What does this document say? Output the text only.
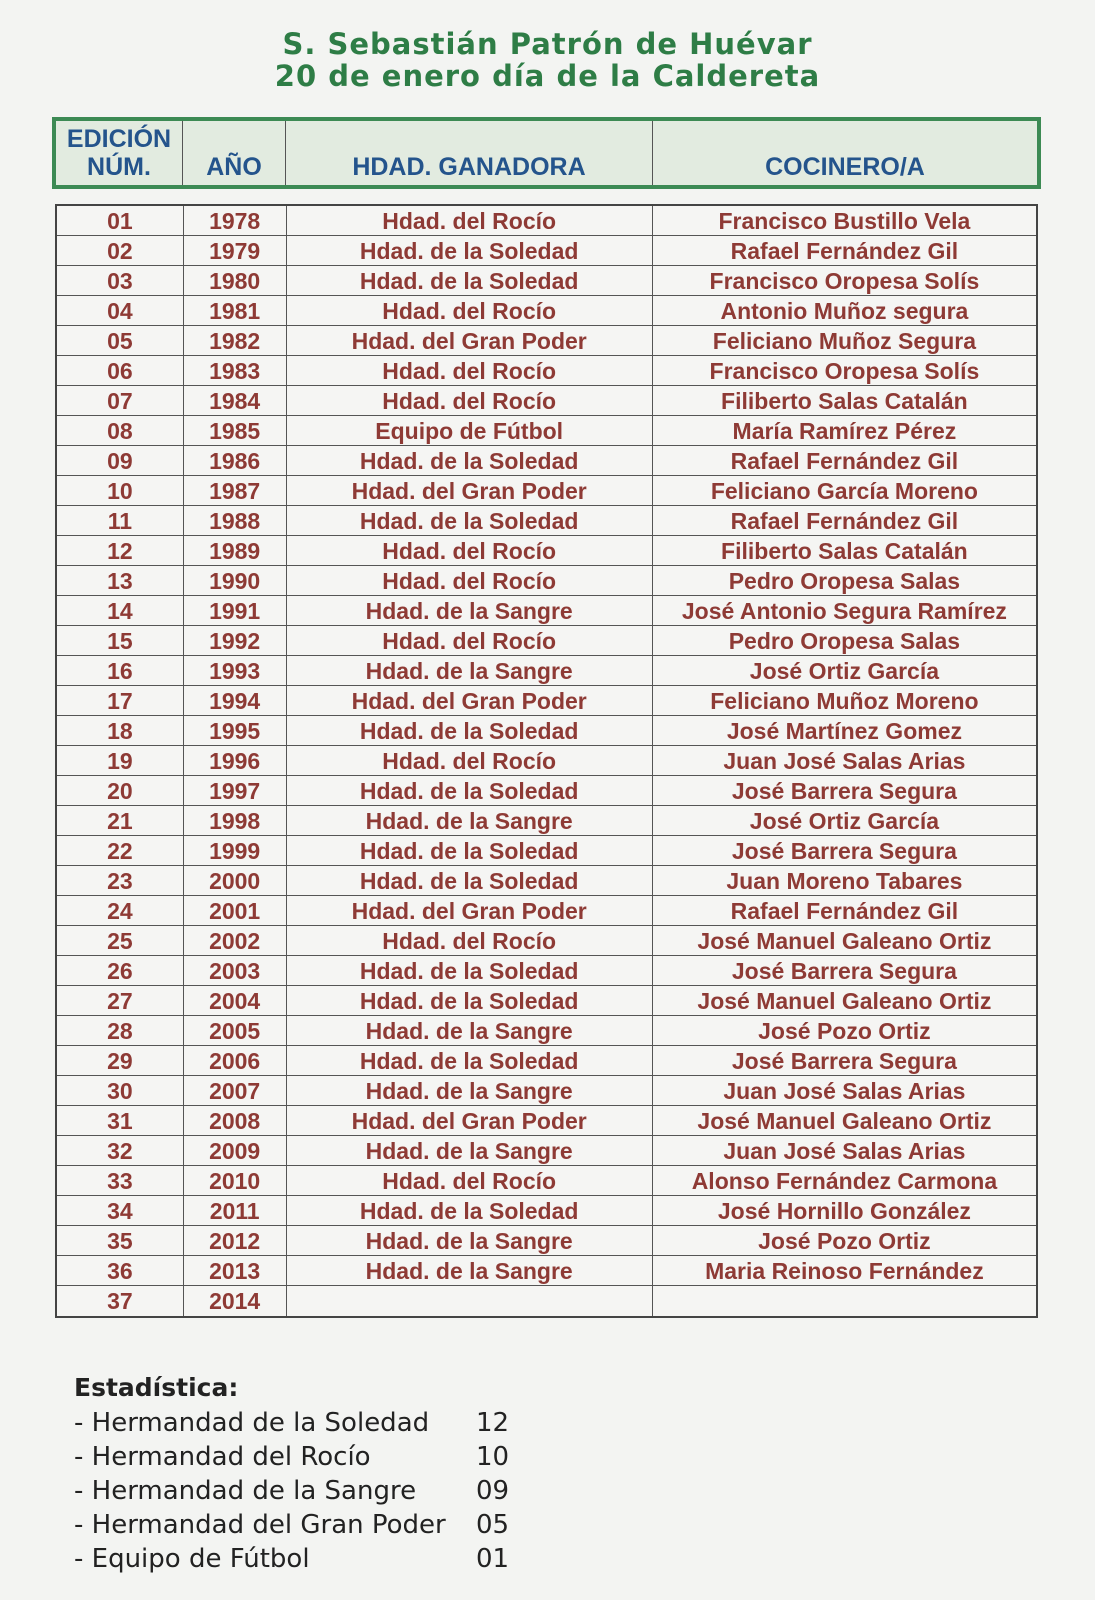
S. Sebastián Patrón de Huévar
20 de enero día de la Caldereta
EDICIÓN
NÚM.	AÑO	HDAD. GANADORA	COCINERO/A
01	1978	Hdad. del Rocío	Francisco Bustillo Vela
02	1979	Hdad. de la Soledad	Rafael Fernández Gil
03	1980	Hdad. de la Soledad	Francisco Oropesa Solís
04	1981	Hdad. del Rocío	Antonio Muñoz segura
05	1982	Hdad. del Gran Poder	Feliciano Muñoz Segura
06	1983	Hdad. del Rocío	Francisco Oropesa Solís
07	1984	Hdad. del Rocío	Filiberto Salas Catalán
08	1985	Equipo de Fútbol	María Ramírez Pérez
09	1986	Hdad. de la Soledad	Rafael Fernández Gil
10	1987	Hdad. del Gran Poder	Feliciano García Moreno
11	1988	Hdad. de la Soledad	Rafael Fernández Gil
12	1989	Hdad. del Rocío	Filiberto Salas Catalán
13	1990	Hdad. del Rocío	Pedro Oropesa Salas
14	1991	Hdad. de la Sangre	José Antonio Segura Ramírez
15	1992	Hdad. del Rocío	Pedro Oropesa Salas
16	1993	Hdad. de la Sangre	José Ortiz García
17	1994	Hdad. del Gran Poder	Feliciano Muñoz Moreno
18	1995	Hdad. de la Soledad	José Martínez Gomez
19	1996	Hdad. del Rocío	Juan José Salas Arias
20	1997	Hdad. de la Soledad	José Barrera Segura
21	1998	Hdad. de la Sangre	José Ortiz García
22	1999	Hdad. de la Soledad	José Barrera Segura
23	2000	Hdad. de la Soledad	Juan Moreno Tabares
24	2001	Hdad. del Gran Poder	Rafael Fernández Gil
25	2002	Hdad. del Rocío	José Manuel Galeano Ortiz
26	2003	Hdad. de la Soledad	José Barrera Segura
27	2004	Hdad. de la Soledad	José Manuel Galeano Ortiz
28	2005	Hdad. de la Sangre	José Pozo Ortiz
29	2006	Hdad. de la Soledad	José Barrera Segura
30	2007	Hdad. de la Sangre	Juan José Salas Arias
31	2008	Hdad. del Gran Poder	José Manuel Galeano Ortiz
32	2009	Hdad. de la Sangre	Juan José Salas Arias
33	2010	Hdad. del Rocío	Alonso Fernández Carmona
34	2011	Hdad. de la Soledad	José Hornillo González
35	2012	Hdad. de la Sangre	José Pozo Ortiz
36	2013	Hdad. de la Sangre	Maria Reinoso Fernández
37	2014
Estadística:
- Hermandad de la Soledad	12
- Hermandad del Rocío	10
- Hermandad de la Sangre	09
- Hermandad del Gran Poder	05
- Equipo de Fútbol	01
